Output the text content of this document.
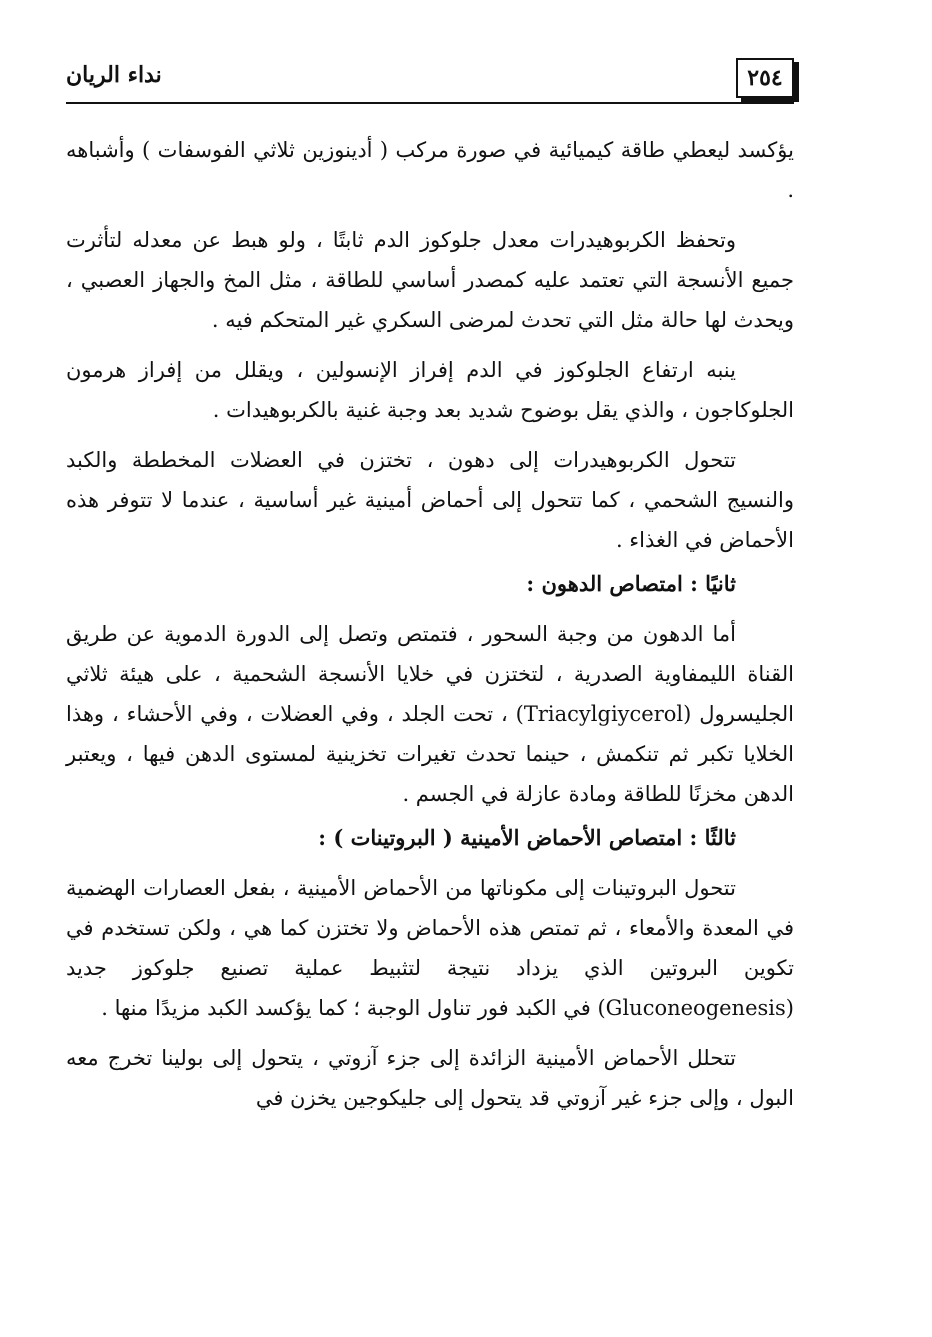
٢٥٤
نداء الريان

يؤكسد ليعطي طاقة كيميائية في صورة مركب ( أدينوزين ثلاثي الفوسفات ) وأشباهه .

وتحفظ الكربوهيدرات معدل جلوكوز الدم ثابتًا ، ولو هبط عن معدله لتأثرت جميع الأنسجة التي تعتمد عليه كمصدر أساسي للطاقة ، مثل المخ والجهاز العصبي ، ويحدث لها حالة مثل التي تحدث لمرضى السكري غير المتحكم فيه .

ينبه ارتفاع الجلوكوز في الدم إفراز الإنسولين ، ويقلل من إفراز هرمون الجلوكاجون ، والذي يقل بوضوح شديد بعد وجبة غنية بالكربوهيدات .

تتحول الكربوهيدرات إلى دهون ، تختزن في العضلات المخططة والكبد والنسيج الشحمي ، كما تتحول إلى أحماض أمينية غير أساسية ، عندما لا تتوفر هذه الأحماض في الغذاء .

ثانيًا : امتصاص الدهون :

أما الدهون من وجبة السحور ، فتمتص وتصل إلى الدورة الدموية عن طريق القناة الليمفاوية الصدرية ، لتختزن في خلايا الأنسجة الشحمية ، على هيئة ثلاثي الجليسرول (Triacylgiycerol) ، تحت الجلد ، وفي العضلات ، وفي الأحشاء ، وهذا الخلايا تكبر ثم تنكمش ، حينما تحدث تغيرات تخزينية لمستوى الدهن فيها ، ويعتبر الدهن مخزنًا للطاقة ومادة عازلة في الجسم .

ثالثًا : امتصاص الأحماض الأمينية ( البروتينات ) :

تتحول البروتينات إلى مكوناتها من الأحماض الأمينية ، بفعل العصارات الهضمية في المعدة والأمعاء ، ثم تمتص هذه الأحماض ولا تختزن كما هي ، ولكن تستخدم في تكوين البروتين الذي يزداد نتيجة لتثبيط عملية تصنيع جلوكوز جديد (Gluconeogenesis) في الكبد فور تناول الوجبة ؛ كما يؤكسد الكبد مزيدًا منها .

تتحلل الأحماض الأمينية الزائدة إلى جزء آزوتي ، يتحول إلى بولينا تخرج معه البول ، وإلى جزء غير آزوتي قد يتحول إلى جليكوجين يخزن في
